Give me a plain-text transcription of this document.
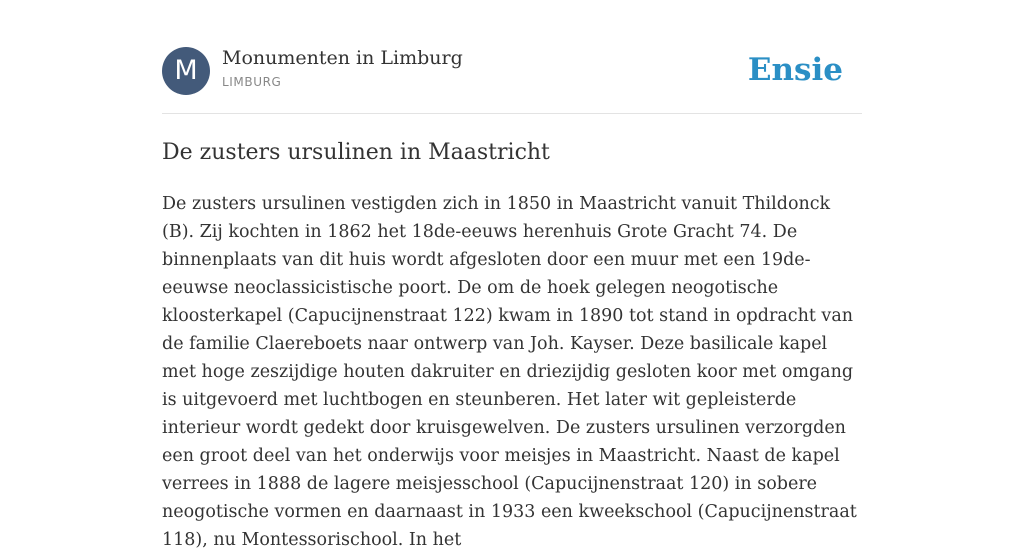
M	Monumenten in Limburg
LIMBURG	Ensie
De zusters ursulinen in Maastricht

De zusters ursulinen vestigden zich in 1850 in Maastricht vanuit Thildonck (B). Zij kochten in 1862 het 18de-eeuws herenhuis Grote Gracht 74. De binnenplaats van dit huis wordt afgesloten door een muur met een 19de-eeuwse neoclassicistische poort. De om de hoek gelegen neogotische kloosterkapel (Capucijnenstraat 122) kwam in 1890 tot stand in opdracht van de familie Claereboets naar ontwerp van Joh. Kayser. Deze basilicale kapel met hoge zeszijdige houten dakruiter en driezijdig gesloten koor met omgang is uitgevoerd met luchtbogen en steunberen. Het later wit gepleisterde interieur wordt gedekt door kruisgewelven. De zusters ursulinen verzorgden een groot deel van het onderwijs voor meisjes in Maastricht. Naast de kapel verrees in 1888 de lagere meisjesschool (Capucijnenstraat 120) in sobere neogotische vormen en daarnaast in 1933 een kweekschool (Capucijnenstraat 118), nu Montessorischool. In het
